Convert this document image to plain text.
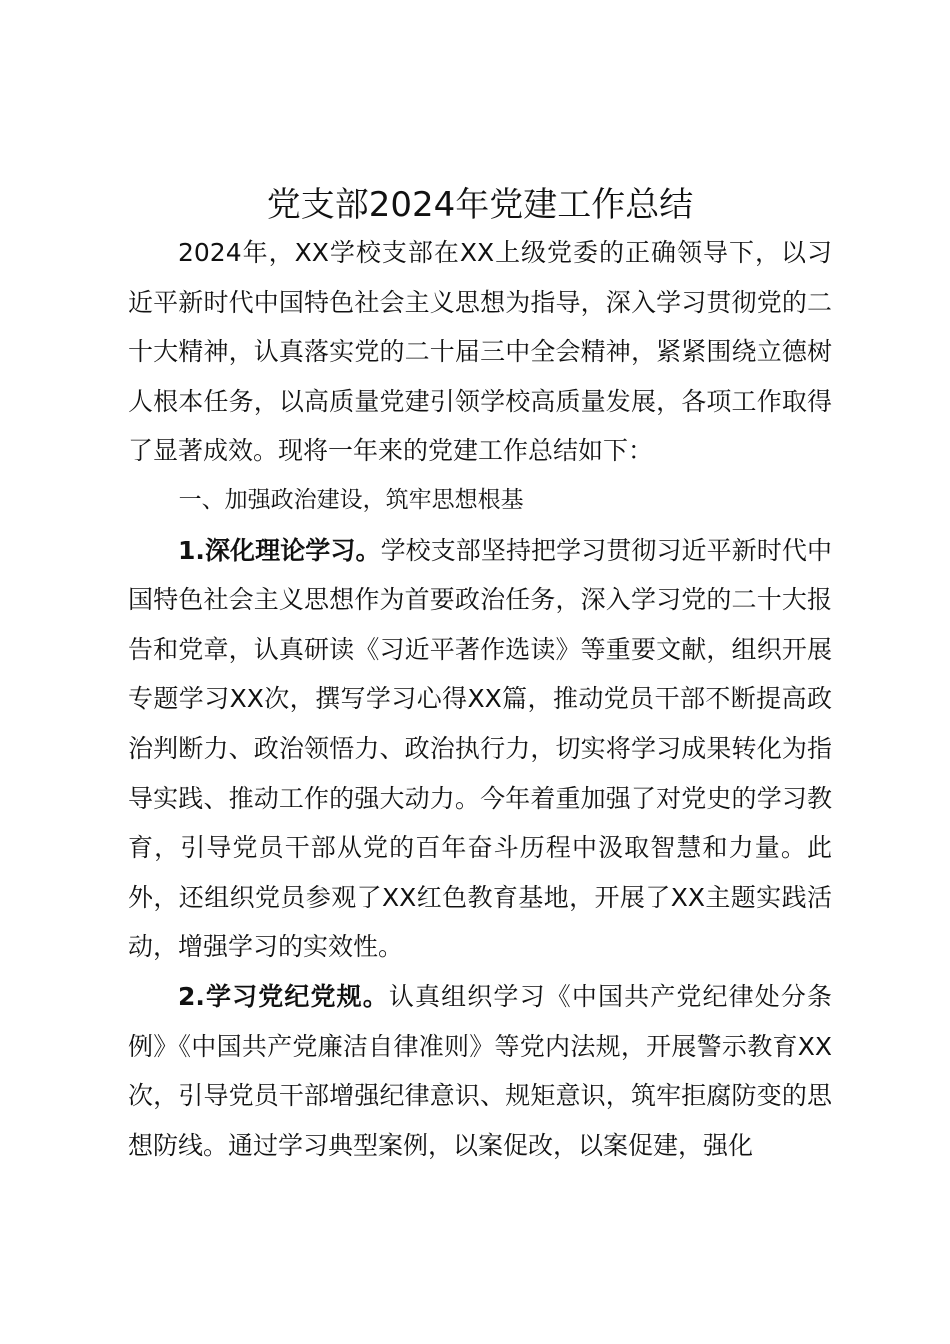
党支部2024年党建工作总结

2024年，XX学校支部在XX上级党委的正确领导下，以习近平新时代中国特色社会主义思想为指导，深入学习贯彻党的二十大精神，认真落实党的二十届三中全会精神，紧紧围绕立德树人根本任务，以高质量党建引领学校高质量发展，各项工作取得了显著成效。现将一年来的党建工作总结如下：

一、加强政治建设，筑牢思想根基

1.深化理论学习。学校支部坚持把学习贯彻习近平新时代中国特色社会主义思想作为首要政治任务，深入学习党的二十大报告和党章，认真研读《习近平著作选读》等重要文献，组织开展专题学习XX次，撰写学习心得XX篇，推动党员干部不断提高政治判断力、政治领悟力、政治执行力，切实将学习成果转化为指导实践、推动工作的强大动力。今年着重加强了对党史的学习教育，引导党员干部从党的百年奋斗历程中汲取智慧和力量。此外，还组织党员参观了XX红色教育基地，开展了XX主题实践活动，增强学习的实效性。

2.学习党纪党规。认真组织学习《中国共产党纪律处分条例》《中国共产党廉洁自律准则》等党内法规，开展警示教育XX次，引导党员干部增强纪律意识、规矩意识，筑牢拒腐防变的思想防线。通过学习典型案例，以案促改，以案促建，强化
